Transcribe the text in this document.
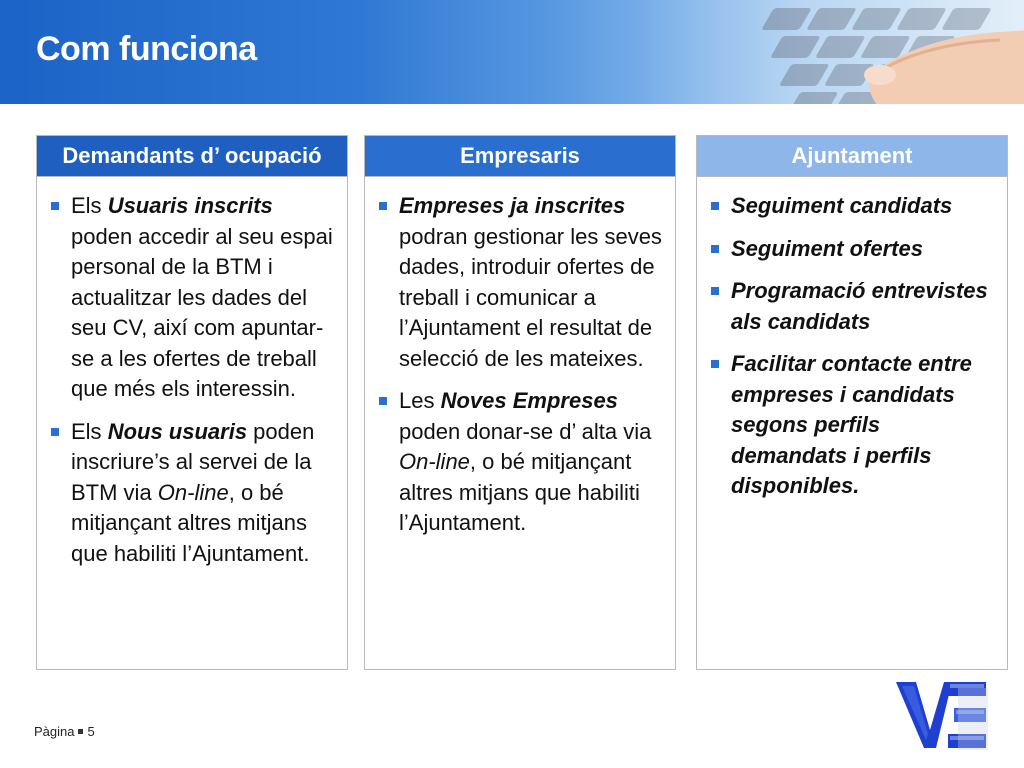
Com funciona
Demandants d’ ocupació
Els Usuaris inscrits poden accedir al seu espai personal de la BTM i actualitzar les dades del seu CV, així com apuntar-se a les ofertes de treball que més els interessin.
Els Nous usuaris poden inscriure’s al servei de la BTM via On-line, o bé mitjançant altres mitjans que habiliti l’Ajuntament.
Empresaris
Empreses ja inscrites podran gestionar les seves dades, introduir ofertes de treball i comunicar a l’Ajuntament el resultat de selecció de les mateixes.
Les Noves Empreses poden donar-se d’ alta via On-line, o bé mitjançant altres mitjans que habiliti l’Ajuntament.
Ajuntament
Seguiment candidats
Seguiment ofertes
Programació entrevistes als candidats
Facilitar contacte entre empreses i candidats segons perfils demandats i perfils disponibles.
Pàgina 5
